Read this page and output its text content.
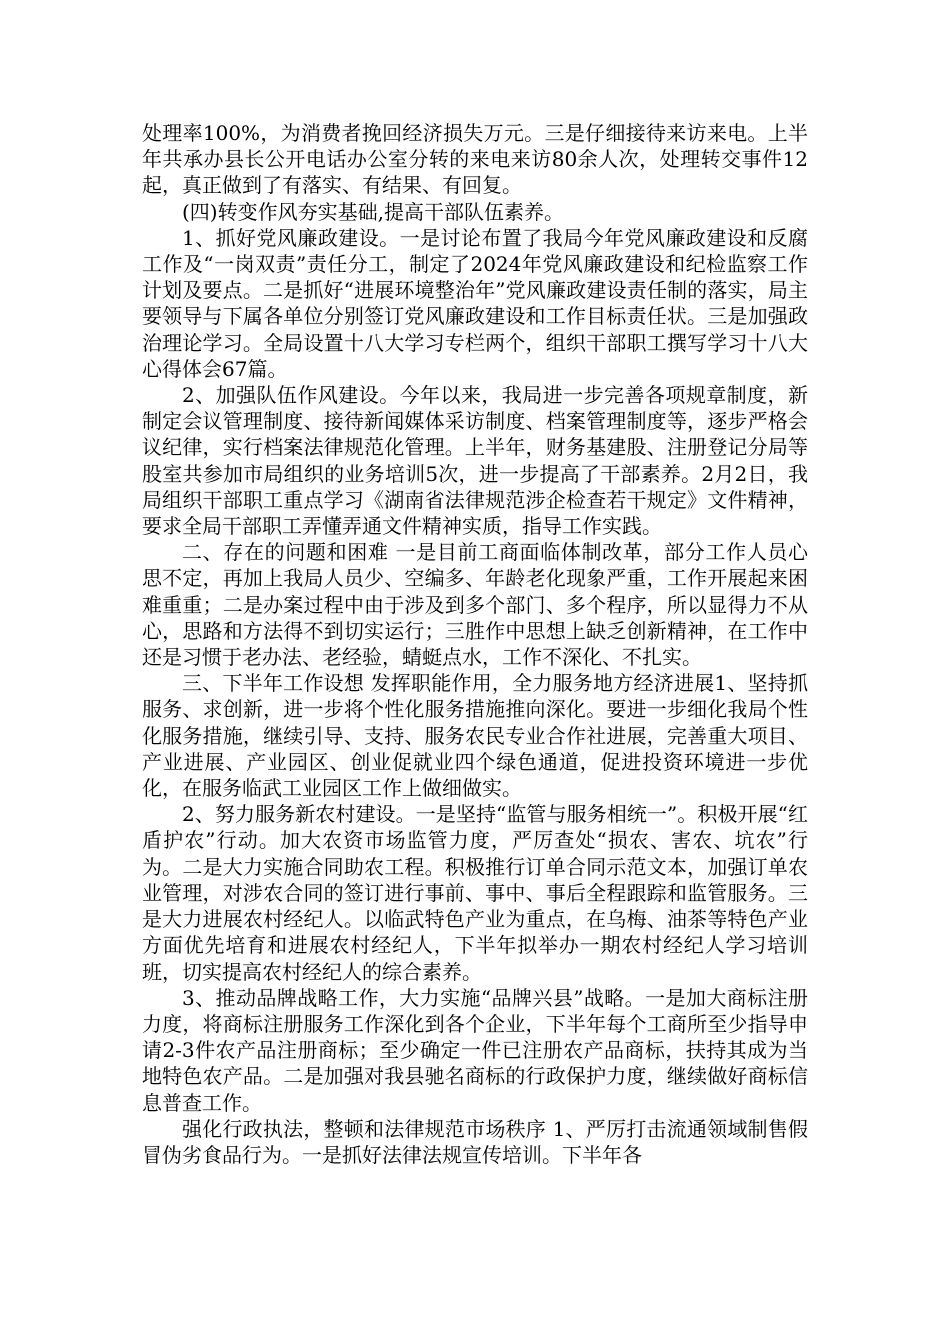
处理率100%，为消费者挽回经济损失万元。三是仔细接待来访来电。上半年共承办县长公开电话办公室分转的来电来访80余人次，处理转交事件12起，真正做到了有落实、有结果、有回复。

(四)转变作风夯实基础,提高干部队伍素养。

1、抓好党风廉政建设。一是讨论布置了我局今年党风廉政建设和反腐工作及“一岗双责”责任分工，制定了2024年党风廉政建设和纪检监察工作计划及要点。二是抓好“进展环境整治年”党风廉政建设责任制的落实，局主要领导与下属各单位分别签订党风廉政建设和工作目标责任状。三是加强政治理论学习。全局设置十八大学习专栏两个，组织干部职工撰写学习十八大心得体会67篇。

2、加强队伍作风建设。今年以来，我局进一步完善各项规章制度，新制定会议管理制度、接待新闻媒体采访制度、档案管理制度等，逐步严格会议纪律，实行档案法律规范化管理。上半年，财务基建股、注册登记分局等股室共参加市局组织的业务培训5次，进一步提高了干部素养。2月2日，我局组织干部职工重点学习《湖南省法律规范涉企检查若干规定》文件精神，要求全局干部职工弄懂弄通文件精神实质，指导工作实践。

二、存在的问题和困难 一是目前工商面临体制改革，部分工作人员心思不定，再加上我局人员少、空编多、年龄老化现象严重，工作开展起来困难重重；二是办案过程中由于涉及到多个部门、多个程序，所以显得力不从心，思路和方法得不到切实运行；三胜作中思想上缺乏创新精神，在工作中还是习惯于老办法、老经验，蜻蜓点水，工作不深化、不扎实。

三、下半年工作设想 发挥职能作用，全力服务地方经济进展1、坚持抓服务、求创新，进一步将个性化服务措施推向深化。要进一步细化我局个性化服务措施，继续引导、支持、服务农民专业合作社进展，完善重大项目、产业进展、产业园区、创业促就业四个绿色通道，促进投资环境进一步优化，在服务临武工业园区工作上做细做实。

2、努力服务新农村建设。一是坚持“监管与服务相统一”。积极开展“红盾护农”行动。加大农资市场监管力度，严厉查处“损农、害农、坑农”行为。二是大力实施合同助农工程。积极推行订单合同示范文本，加强订单农业管理，对涉农合同的签订进行事前、事中、事后全程跟踪和监管服务。三是大力进展农村经纪人。以临武特色产业为重点，在乌梅、油茶等特色产业方面优先培育和进展农村经纪人，下半年拟举办一期农村经纪人学习培训班，切实提高农村经纪人的综合素养。

3、推动品牌战略工作，大力实施“品牌兴县”战略。一是加大商标注册力度，将商标注册服务工作深化到各个企业，下半年每个工商所至少指导申请2-3件农产品注册商标；至少确定一件已注册农产品商标，扶持其成为当地特色农产品。二是加强对我县驰名商标的行政保护力度，继续做好商标信息普查工作。

强化行政执法，整顿和法律规范市场秩序 1、严厉打击流通领域制售假冒伪劣食品行为。一是抓好法律法规宣传培训。下半年各
